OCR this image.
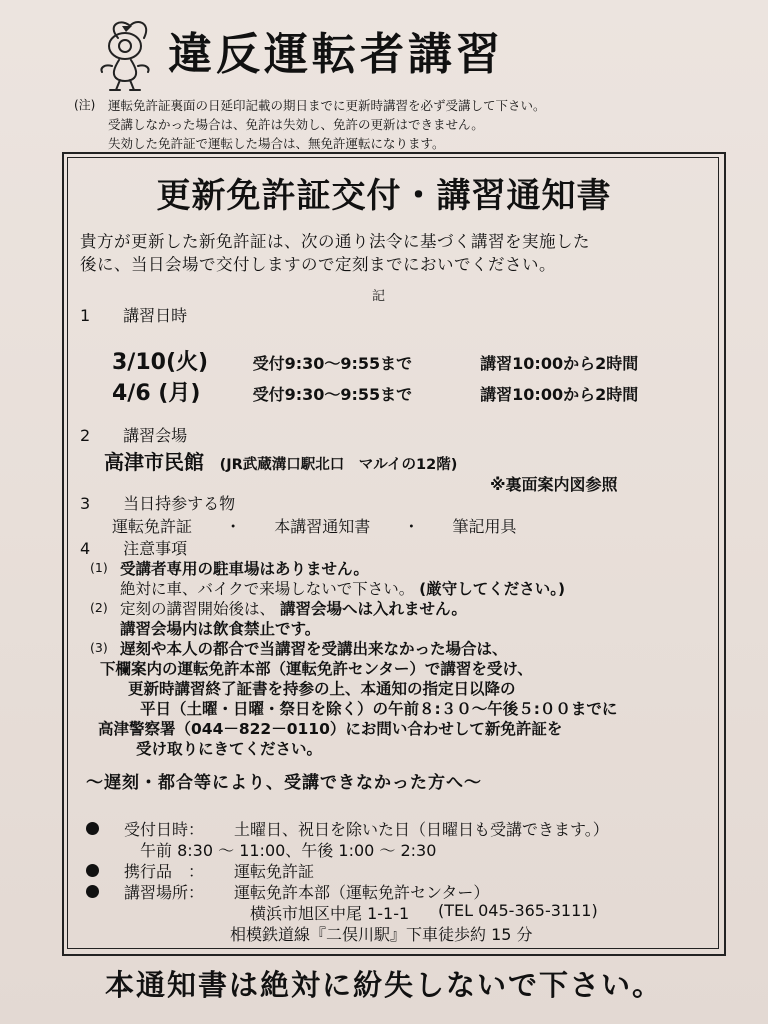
違反運転者講習
(注) 運転免許証裏面の日延印記載の期日までに更新時講習を必ず受講して下さい。
受講しなかった場合は、免許は失効し、免許の更新はできません。
失効した免許証で運転した場合は、無免許運転になります。
更新免許証交付・講習通知書
貴方が更新した新免許証は、次の通り法令に基づく講習を実施した
後に、当日会場で交付しますので定刻までにおいでください。
記
1 講習日時
3/10(火)	受付9:30～9:55まで	講習10:00から2時間
4/6 (月)	受付9:30～9:55まで	講習10:00から2時間
2 講習会場
高津市民館 (JR武蔵溝口駅北口　マルイの12階)
※裏面案内図参照
3 当日持参する物
運転免許証 ・ 本講習通知書 ・ 筆記用具
4 注意事項
(1) 受講者専用の駐車場はありません。
絶対に車、バイクで来場しないで下さい。 (厳守してください。)
(2) 定刻の講習開始後は、 講習会場へは入れません。
講習会場内は飲食禁止です。
(3) 遅刻や本人の都合で当講習を受講出来なかった場合は、
下欄案内の運転免許本部（運転免許センター）で講習を受け、
更新時講習終了証書を持参の上、本通知の指定日以降の
平日（土曜・日曜・祭日を除く）の午前８:３０～午後５:００までに
高津警察署（044－822－0110）にお問い合わせして新免許証を
受け取りにきてください。
～遅刻・都合等により、受講できなかった方へ～
受付日時： 土曜日、祝日を除いた日（日曜日も受講できます。）
午前 8:30 ～ 11:00、午後 1:00 ～ 2:30
携行品　： 運転免許証
講習場所： 運転免許本部（運転免許センター）
横浜市旭区中尾 1-1-1 (TEL 045-365-3111)
相模鉄道線『二俣川駅』下車徒歩約 15 分
本通知書は絶対に紛失しないで下さい。
